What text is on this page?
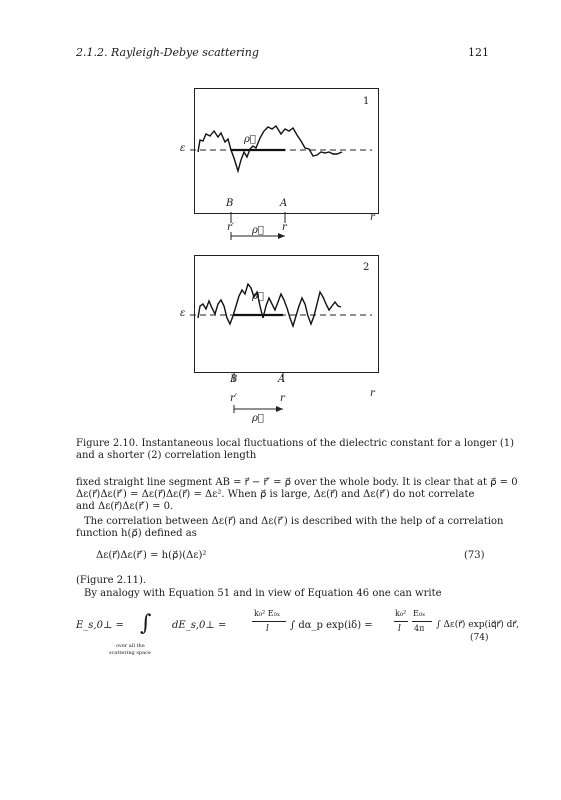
2.1.2. Rayleigh-Debye scattering	121
1
ε
ρ⃗
B	A
r′	r
r
ρ⃗
2
ε
ρ⃗
B	A
r′	r	r
ρ⃗
Figure 2.10. Instantaneous local fluctuations of the dielectric constant for a longer (1)
and a shorter (2) correlation length
fixed straight line segment AB = r⃗ − r⃗′ = ρ⃗ over the whole body. It is clear that at ρ⃗ = 0
Δε(r⃗)Δε(r⃗′) = Δε(r⃗)Δε(r⃗) = Δε². When ρ⃗ is large, Δε(r⃗) and Δε(r⃗′) do not correlate
and Δε(r⃗)Δε(r⃗′) = 0.
The correlation between Δε(r⃗) and Δε(r⃗′) is described with the help of a correlation
function h(ρ⃗) defined as
Δε(r⃗)Δε(r⃗′) = h(ρ⃗)(Δε)²	(73)
(Figure 2.11).
By analogy with Equation 51 and in view of Equation 46 one can write
E_s,0⊥ = ∫ dE_s,0⊥ =
k₀² E₀ₓ
l ∫ dα_p exp(iδ) =
k₀²
l
E₀ₓ
4π ∫ Δε(r⃗) exp(iq⃗r⃗) dr⃗,
(74)
over all the
scattering space
